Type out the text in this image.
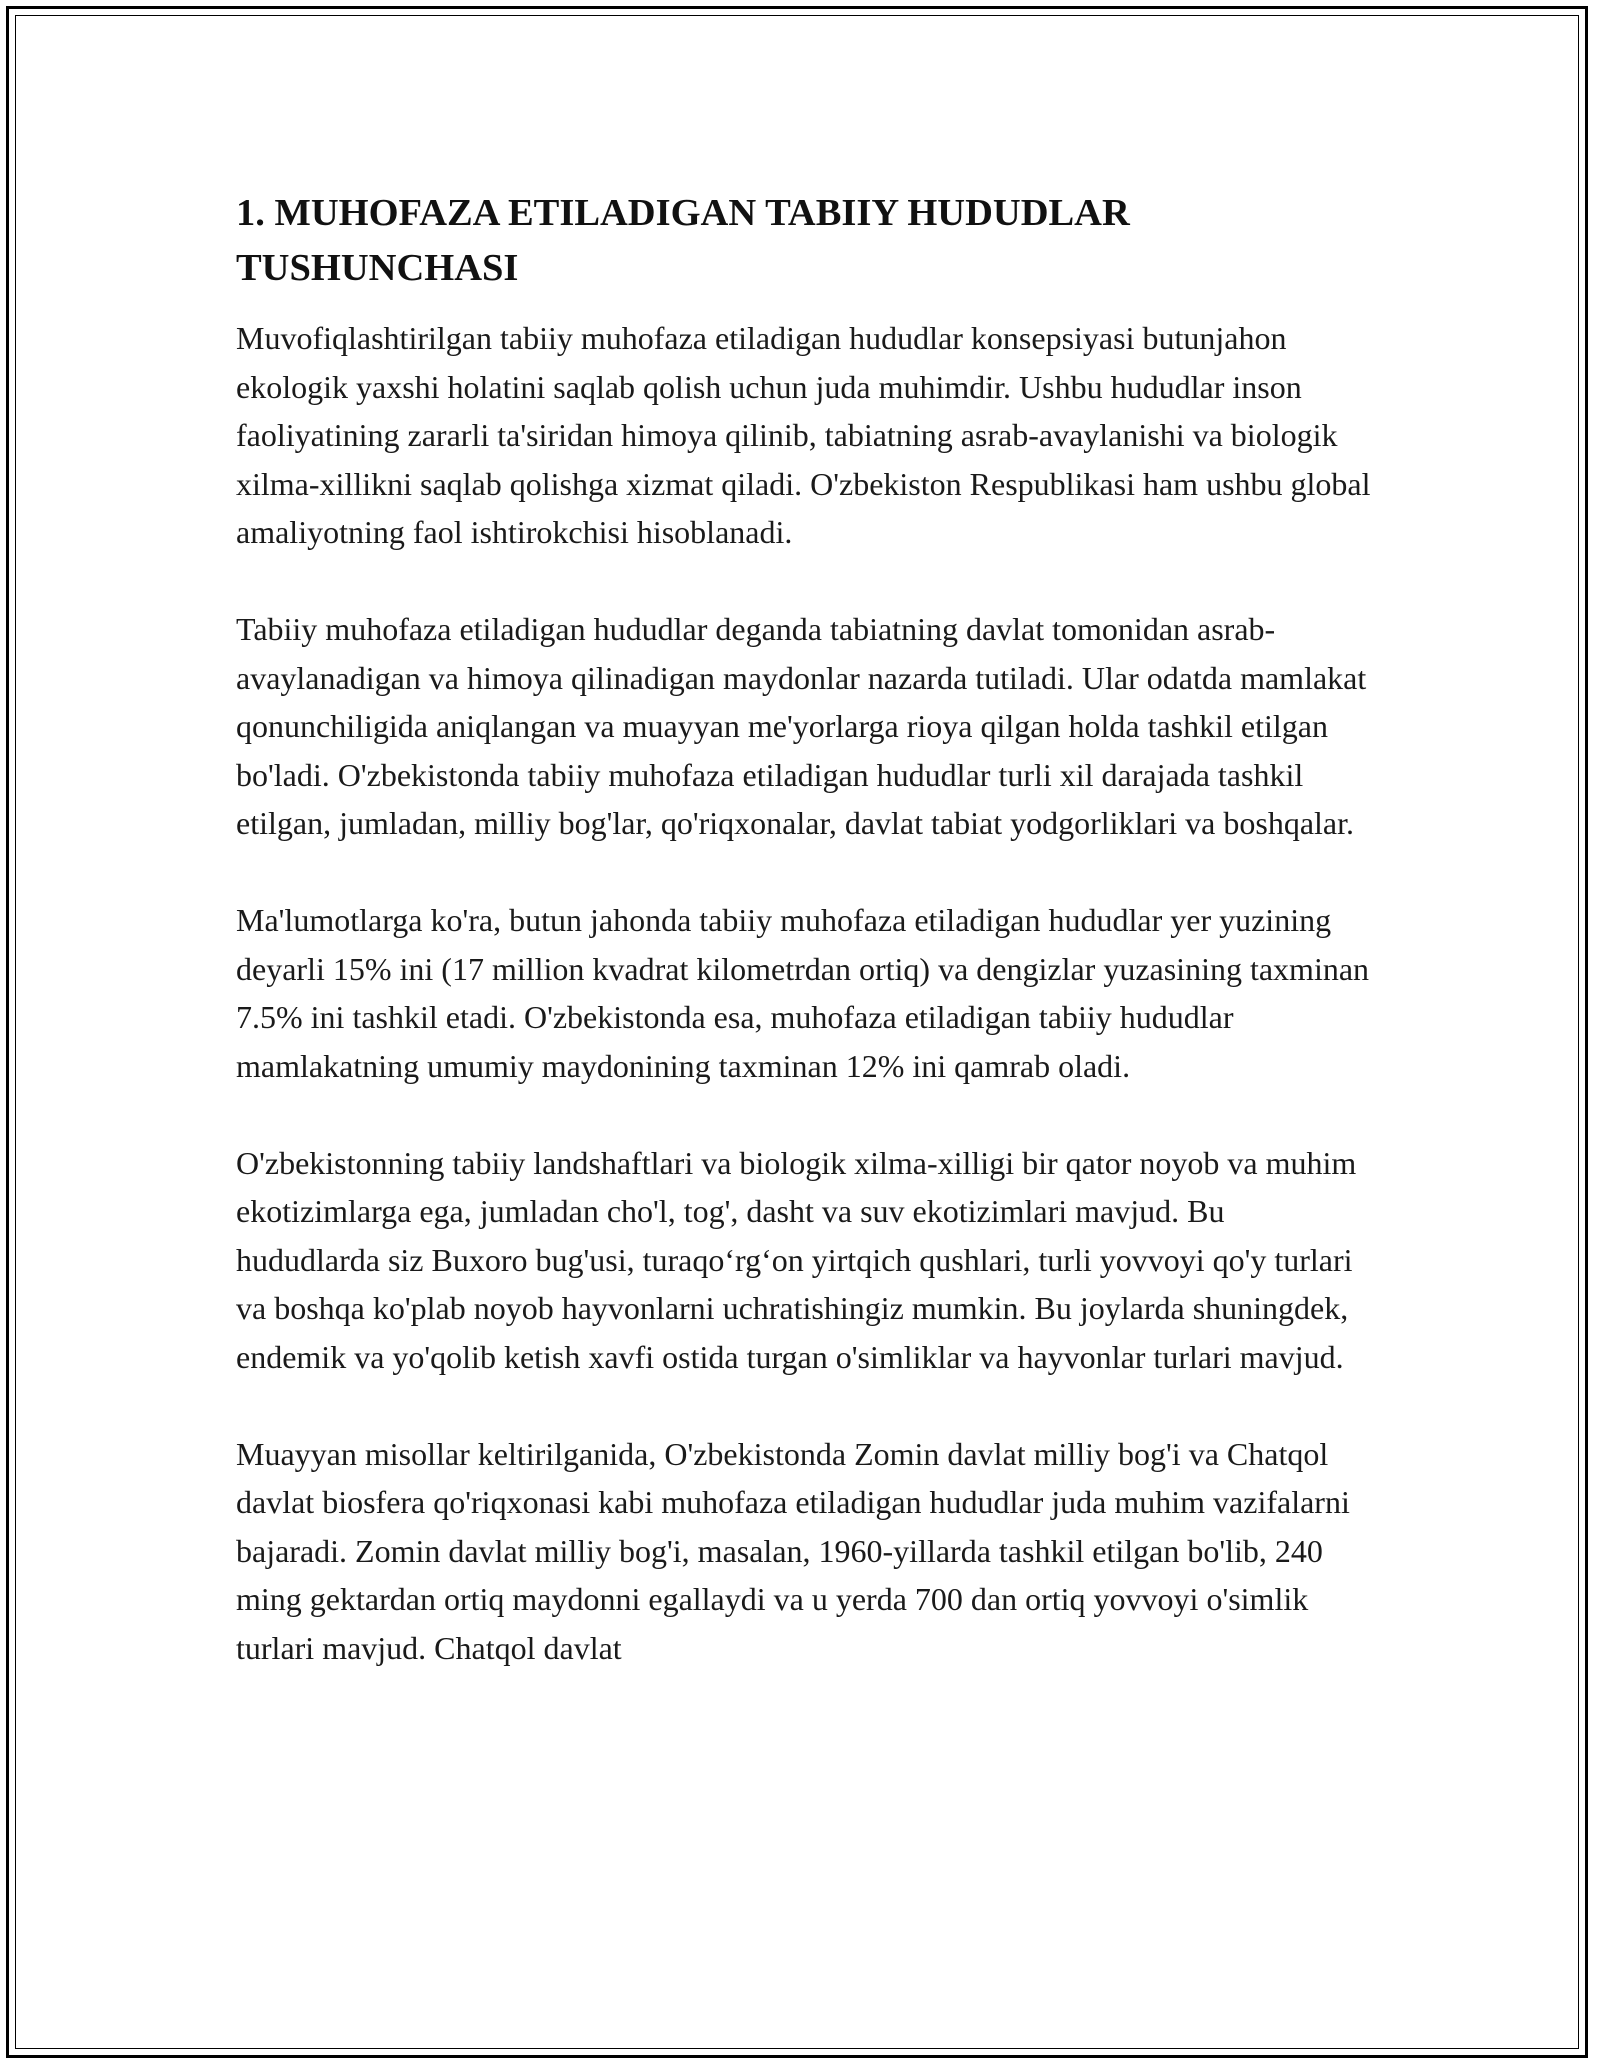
1. MUHOFAZA ETILADIGAN TABIIY HUDUDLAR TUSHUNCHASI

Muvofiqlashtirilgan tabiiy muhofaza etiladigan hududlar konsepsiyasi butunjahon ekologik yaxshi holatini saqlab qolish uchun juda muhimdir. Ushbu hududlar inson faoliyatining zararli ta'siridan himoya qilinib, tabiatning asrab-avaylanishi va biologik xilma-xillikni saqlab qolishga xizmat qiladi. O'zbekiston Respublikasi ham ushbu global amaliyotning faol ishtirokchisi hisoblanadi.

Tabiiy muhofaza etiladigan hududlar deganda tabiatning davlat tomonidan asrab-avaylanadigan va himoya qilinadigan maydonlar nazarda tutiladi. Ular odatda mamlakat qonunchiligida aniqlangan va muayyan me'yorlarga rioya qilgan holda tashkil etilgan bo'ladi. O'zbekistonda tabiiy muhofaza etiladigan hududlar turli xil darajada tashkil etilgan, jumladan, milliy bog'lar, qo'riqxonalar, davlat tabiat yodgorliklari va boshqalar.

Ma'lumotlarga ko'ra, butun jahonda tabiiy muhofaza etiladigan hududlar yer yuzining deyarli 15% ini (17 million kvadrat kilometrdan ortiq) va dengizlar yuzasining taxminan 7.5% ini tashkil etadi. O'zbekistonda esa, muhofaza etiladigan tabiiy hududlar mamlakatning umumiy maydonining taxminan 12% ini qamrab oladi.

O'zbekistonning tabiiy landshaftlari va biologik xilma-xilligi bir qator noyob va muhim ekotizimlarga ega, jumladan cho'l, tog', dasht va suv ekotizimlari mavjud. Bu hududlarda siz Buxoro bug'usi, turaqo‘rg‘on yirtqich qushlari, turli yovvoyi qo'y turlari va boshqa ko'plab noyob hayvonlarni uchratishingiz mumkin. Bu joylarda shuningdek, endemik va yo'qolib ketish xavfi ostida turgan o'simliklar va hayvonlar turlari mavjud.

Muayyan misollar keltirilganida, O'zbekistonda Zomin davlat milliy bog'i va Chatqol davlat biosfera qo'riqxonasi kabi muhofaza etiladigan hududlar juda muhim vazifalarni bajaradi. Zomin davlat milliy bog'i, masalan, 1960-yillarda tashkil etilgan bo'lib, 240 ming gektardan ortiq maydonni egallaydi va u yerda 700 dan ortiq yovvoyi o'simlik turlari mavjud. Chatqol davlat
